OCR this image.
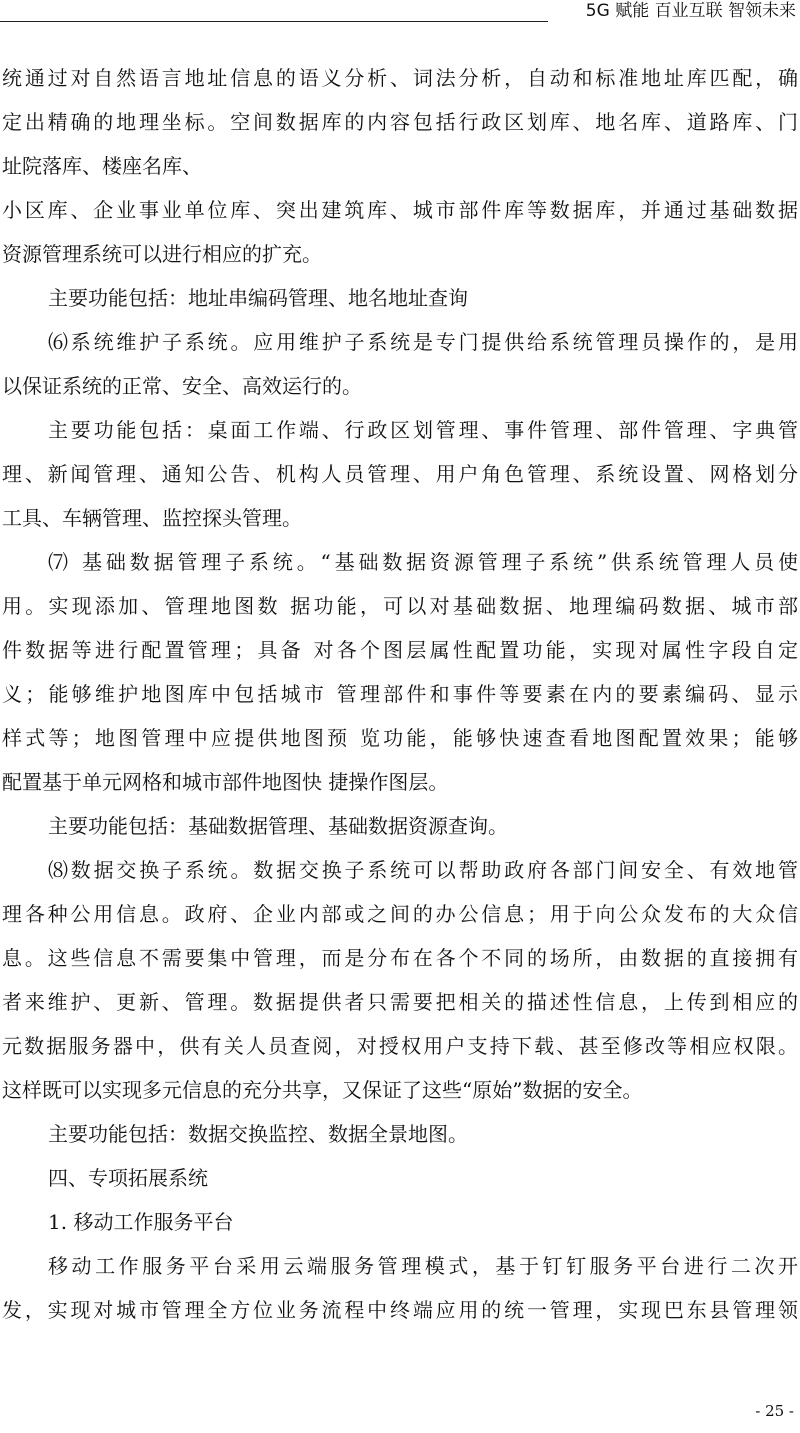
5G 赋能 百业互联 智领未来
统通过对自然语言地址信息的语义分析、词法分析，自动和标准地址库匹配，确
定出精确的地理坐标。空间数据库的内容包括行政区划库、地名库、道路库、门
址院落库、楼座名库、
小区库、企业事业单位库、突出建筑库、城市部件库等数据库，并通过基础数据
资源管理系统可以进行相应的扩充。
主要功能包括：地址串编码管理、地名地址查询
⑹系统维护子系统。应用维护子系统是专门提供给系统管理员操作的，是用
以保证系统的正常、安全、高效运行的。
主要功能包括：桌面工作端、行政区划管理、事件管理、部件管理、字典管
理、新闻管理、通知公告、机构人员管理、用户角色管理、系统设置、网格划分
工具、车辆管理、监控探头管理。
⑺ 基础数据管理子系统。“基础数据资源管理子系统”供系统管理人员使
用。实现添加、管理地图数 据功能，可以对基础数据、地理编码数据、城市部
件数据等进行配置管理；具备 对各个图层属性配置功能，实现对属性字段自定
义；能够维护地图库中包括城市 管理部件和事件等要素在内的要素编码、显示
样式等；地图管理中应提供地图预 览功能，能够快速查看地图配置效果；能够
配置基于单元网格和城市部件地图快 捷操作图层。
主要功能包括：基础数据管理、基础数据资源查询。
⑻数据交换子系统。数据交换子系统可以帮助政府各部门间安全、有效地管
理各种公用信息。政府、企业内部或之间的办公信息；用于向公众发布的大众信
息。这些信息不需要集中管理，而是分布在各个不同的场所，由数据的直接拥有
者来维护、更新、管理。数据提供者只需要把相关的描述性信息，上传到相应的
元数据服务器中，供有关人员查阅，对授权用户支持下载、甚至修改等相应权限。
这样既可以实现多元信息的充分共享，又保证了这些“原始”数据的安全。
主要功能包括：数据交换监控、数据全景地图。
四、专项拓展系统
1. 移动工作服务平台
移动工作服务平台采用云端服务管理模式，基于钉钉服务平台进行二次开
发，实现对城市管理全方位业务流程中终端应用的统一管理，实现巴东县管理领
- 25 -
